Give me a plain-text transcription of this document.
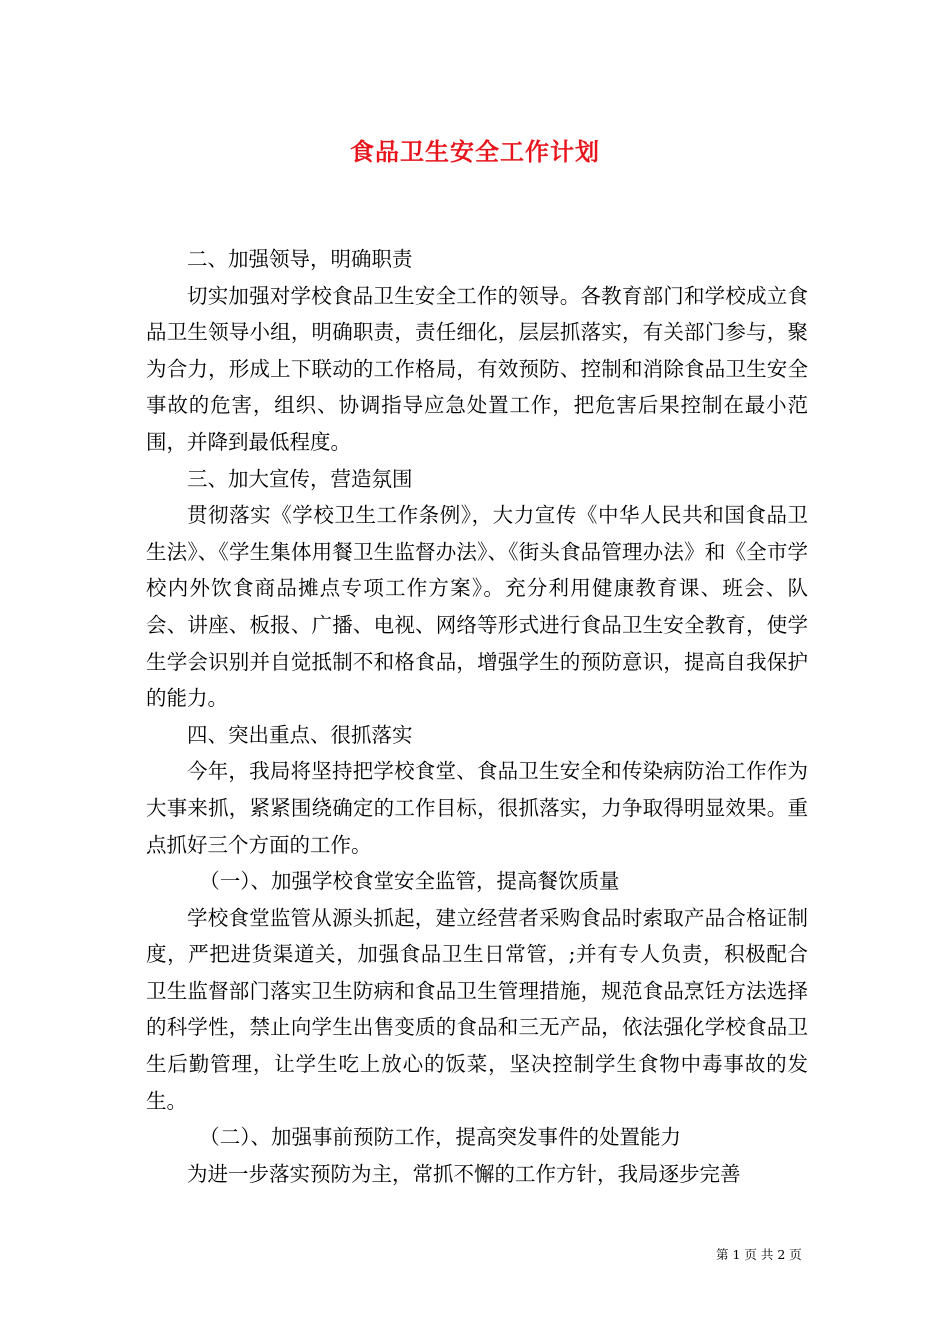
食品卫生安全工作计划

二、加强领导，明确职责

切实加强对学校食品卫生安全工作的领导。各教育部门和学校成立食品卫生领导小组，明确职责，责任细化，层层抓落实，有关部门参与，聚为合力，形成上下联动的工作格局，有效预防、控制和消除食品卫生安全事故的危害，组织、协调指导应急处置工作，把危害后果控制在最小范围，并降到最低程度。

三、加大宣传，营造氛围

贯彻落实《学校卫生工作条例》，大力宣传《中华人民共和国食品卫生法》、《学生集体用餐卫生监督办法》、《街头食品管理办法》和《全市学校内外饮食商品摊点专项工作方案》。充分利用健康教育课、班会、队会、讲座、板报、广播、电视、网络等形式进行食品卫生安全教育，使学生学会识别并自觉抵制不和格食品，增强学生的预防意识，提高自我保护的能力。

四、突出重点、很抓落实

今年，我局将坚持把学校食堂、食品卫生安全和传染病防治工作作为大事来抓，紧紧围绕确定的工作目标，很抓落实，力争取得明显效果。重点抓好三个方面的工作。

（一）、加强学校食堂安全监管，提高餐饮质量

学校食堂监管从源头抓起，建立经营者采购食品时索取产品合格证制度，严把进货渠道关，加强食品卫生日常管，;并有专人负责，积极配合卫生监督部门落实卫生防病和食品卫生管理措施，规范食品烹饪方法选择的科学性，禁止向学生出售变质的食品和三无产品，依法强化学校食品卫生后勤管理，让学生吃上放心的饭菜，坚决控制学生食物中毒事故的发生。

（二）、加强事前预防工作，提高突发事件的处置能力

为进一步落实预防为主，常抓不懈的工作方针，我局逐步完善

第 1 页 共 2 页
